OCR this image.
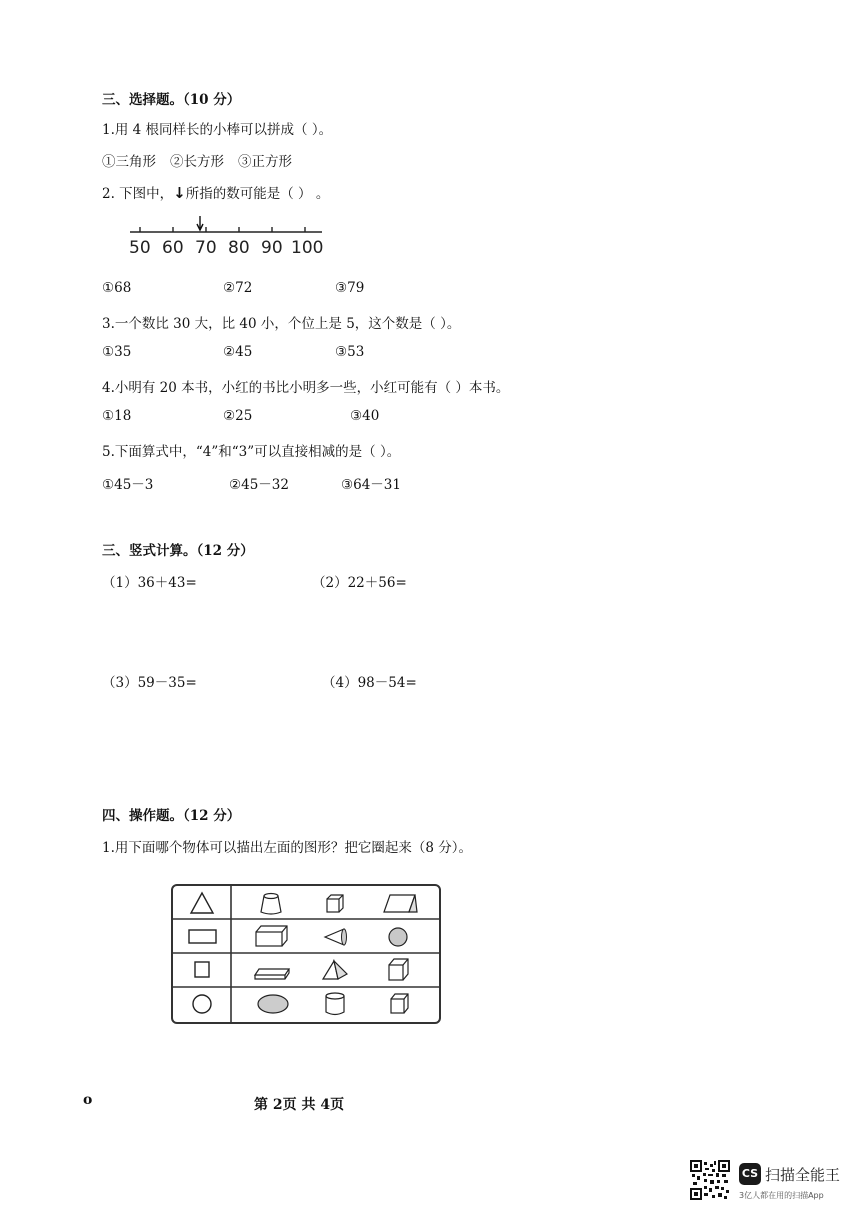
三、选择题。（10 分）
1.用 4 根同样长的小棒可以拼成（ ）。
①三角形 ②长方形 ③正方形
2. 下图中，↓所指的数可能是（ ） 。
50 60 70 80 90 100
①68	②72	③79
3.一个数比 30 大，比 40 小，个位上是 5，这个数是（ ）。
①35	②45	③53
4.小明有 20 本书，小红的书比小明多一些，小红可能有（ ）本书。
①18	②25	③40
5.下面算式中，“4”和“3”可以直接相减的是（ ）。
①45－3	②45－32	③64－31
三、竖式计算。（12 分）
（1）36＋43=	（2）22＋56=
（3）59－35=	（4）98－54=
四、操作题。（12 分）
1.用下面哪个物体可以描出左面的图形？把它圈起来（8 分）。
o	第 2页 共 4页
CS 扫描全能王
3亿人都在用的扫描App
